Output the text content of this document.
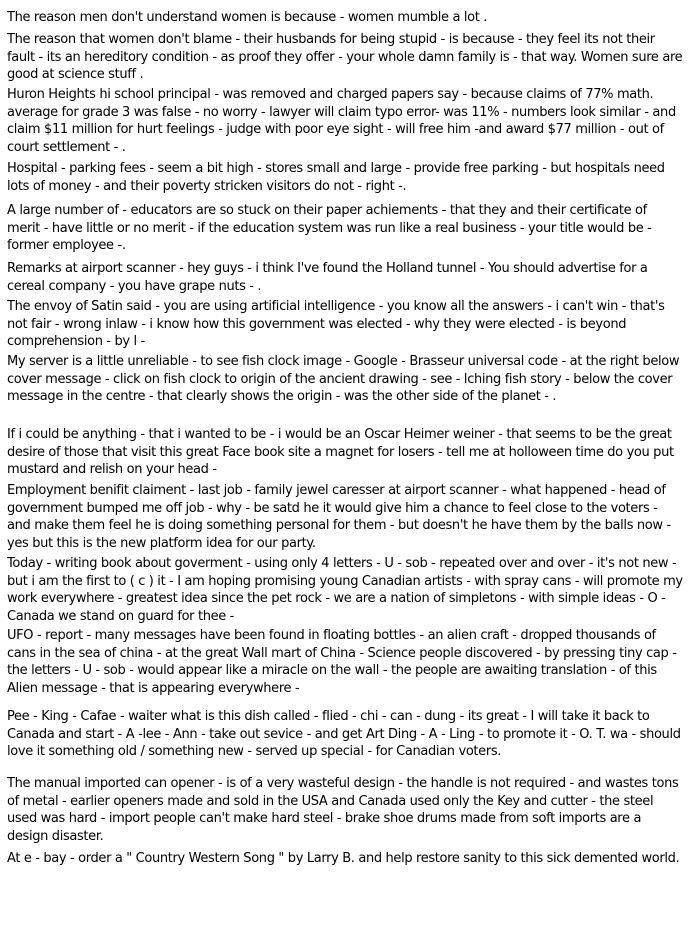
The reason men don't understand women is because - women mumble a lot .

The reason that women don't blame - their husbands for being stupid - is because - they feel its not their fault - its an hereditory condition - as proof they offer - your whole damn family is - that way. Women sure are good at science stuff .

Huron Heights hi school principal - was removed and charged papers say - because claims of 77% math. average for grade 3 was false - no worry - lawyer will claim typo error- was 11% - numbers look similar - and claim $11 million for hurt feelings - judge with poor eye sight - will free him -and award $77 million - out of court settlement - .

Hospital - parking fees - seem a bit high - stores small and large - provide free parking - but hospitals need lots of money - and their poverty stricken visitors do not - right -.

A large number of - educators are so stuck on their paper achiements - that they and their certificate of merit - have little or no merit - if the education system was run like a real business - your title would be - former employee -.

Remarks at airport scanner - hey guys - i think I've found the Holland tunnel - You should advertise for a cereal company - you have grape nuts - .

The envoy of Satin said - you are using artificial intelligence - you know all the answers - i can't win - that's not fair - wrong inlaw - i know how this government was elected - why they were elected - is beyond comprehension - by l -

My server is a little unreliable - to see fish clock image - Google - Brasseur universal code - at the right below cover message - click on fish clock to origin of the ancient drawing - see - lching fish story - below the cover message in the centre - that clearly shows the origin - was the other side of the planet - .

If i could be anything - that i wanted to be - i would be an Oscar Heimer weiner - that seems to be the great desire of those that visit this great Face book site a magnet for losers - tell me at holloween time do you put mustard and relish on your head -

Employment benifit claiment - last job - family jewel caresser at airport scanner - what happened - head of government bumped me off job - why - be satd he it would give him a chance to feel close to the voters - and make them feel he is doing something personal for them - but doesn't he have them by the balls now - yes but this is the new platform idea for our party.

Today - writing book about goverment - using only 4 letters - U - sob - repeated over and over - it's not new - but i am the first to ( c ) it - I am hoping promising young Canadian artists - with spray cans - will promote my work everywhere - greatest idea since the pet rock - we are a nation of simpletons - with simple ideas - O - Canada we stand on guard for thee -

UFO - report - many messages have been found in floating bottles - an alien craft - dropped thousands of cans in the sea of china - at the great Wall mart of China - Science people discovered - by pressing tiny cap - the letters - U - sob - would appear like a miracle on the wall - the people are awaiting translation - of this Alien message - that is appearing everywhere -

Pee - King - Cafae - waiter what is this dish called - flied - chi - can - dung - its great - I will take it back to Canada and start - A -lee - Ann - take out sevice - and get Art Ding - A - Ling - to promote it - O. T. wa - should love it something old / something new - served up special - for Canadian voters.

The manual imported can opener - is of a very wasteful design - the handle is not required - and wastes tons of metal - earlier openers made and sold in the USA and Canada used only the Key and cutter - the steel used was hard - import people can't make hard steel - brake shoe drums made from soft imports are a design disaster.

At e - bay - order a " Country Western Song " by Larry B. and help restore sanity to this sick demented world.
